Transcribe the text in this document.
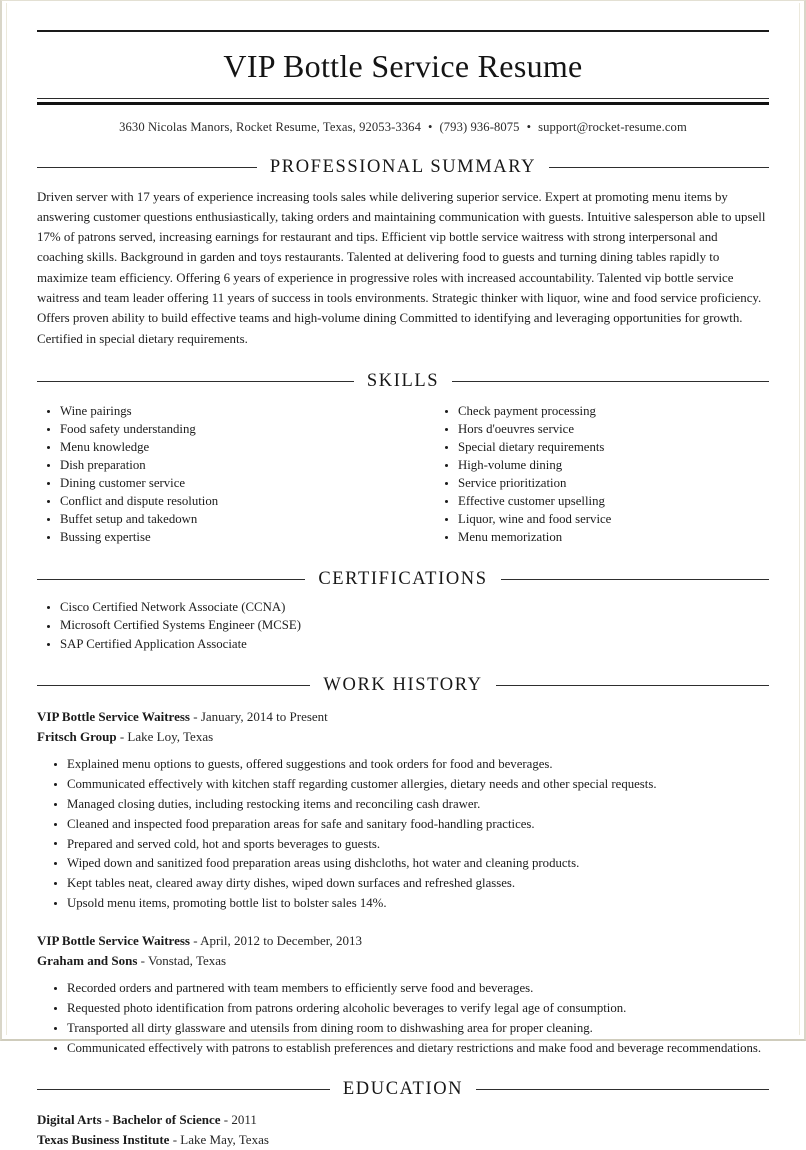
VIP Bottle Service Resume
3630 Nicolas Manors, Rocket Resume, Texas, 92053-3364 • (793) 936-8075 • support@rocket-resume.com
PROFESSIONAL SUMMARY

Driven server with 17 years of experience increasing tools sales while delivering superior service. Expert at promoting menu items by answering customer questions enthusiastically, taking orders and maintaining communication with guests. Intuitive salesperson able to upsell 17% of patrons served, increasing earnings for restaurant and tips. Efficient vip bottle service waitress with strong interpersonal and coaching skills. Background in garden and toys restaurants. Talented at delivering food to guests and turning dining tables rapidly to maximize team efficiency. Offering 6 years of experience in progressive roles with increased accountability. Talented vip bottle service waitress and team leader offering 11 years of success in tools environments. Strategic thinker with liquor, wine and food service proficiency. Offers proven ability to build effective teams and high-volume dining Committed to identifying and leveraging opportunities for growth. Certified in special dietary requirements.

SKILLS
Wine pairings
Food safety understanding
Menu knowledge
Dish preparation
Dining customer service
Conflict and dispute resolution
Buffet setup and takedown
Bussing expertise
Check payment processing
Hors d'oeuvres service
Special dietary requirements
High-volume dining
Service prioritization
Effective customer upselling
Liquor, wine and food service
Menu memorization
CERTIFICATIONS
Cisco Certified Network Associate (CCNA)
Microsoft Certified Systems Engineer (MCSE)
SAP Certified Application Associate
WORK HISTORY
VIP Bottle Service Waitress - January, 2014 to Present
Fritsch Group - Lake Loy, Texas
Explained menu options to guests, offered suggestions and took orders for food and beverages.
Communicated effectively with kitchen staff regarding customer allergies, dietary needs and other special requests.
Managed closing duties, including restocking items and reconciling cash drawer.
Cleaned and inspected food preparation areas for safe and sanitary food-handling practices.
Prepared and served cold, hot and sports beverages to guests.
Wiped down and sanitized food preparation areas using dishcloths, hot water and cleaning products.
Kept tables neat, cleared away dirty dishes, wiped down surfaces and refreshed glasses.
Upsold menu items, promoting bottle list to bolster sales 14%.
VIP Bottle Service Waitress - April, 2012 to December, 2013
Graham and Sons - Vonstad, Texas
Recorded orders and partnered with team members to efficiently serve food and beverages.
Requested photo identification from patrons ordering alcoholic beverages to verify legal age of consumption.
Transported all dirty glassware and utensils from dining room to dishwashing area for proper cleaning.
Communicated effectively with patrons to establish preferences and dietary restrictions and make food and beverage recommendations.
EDUCATION
Digital Arts - Bachelor of Science - 2011
Texas Business Institute - Lake May, Texas
